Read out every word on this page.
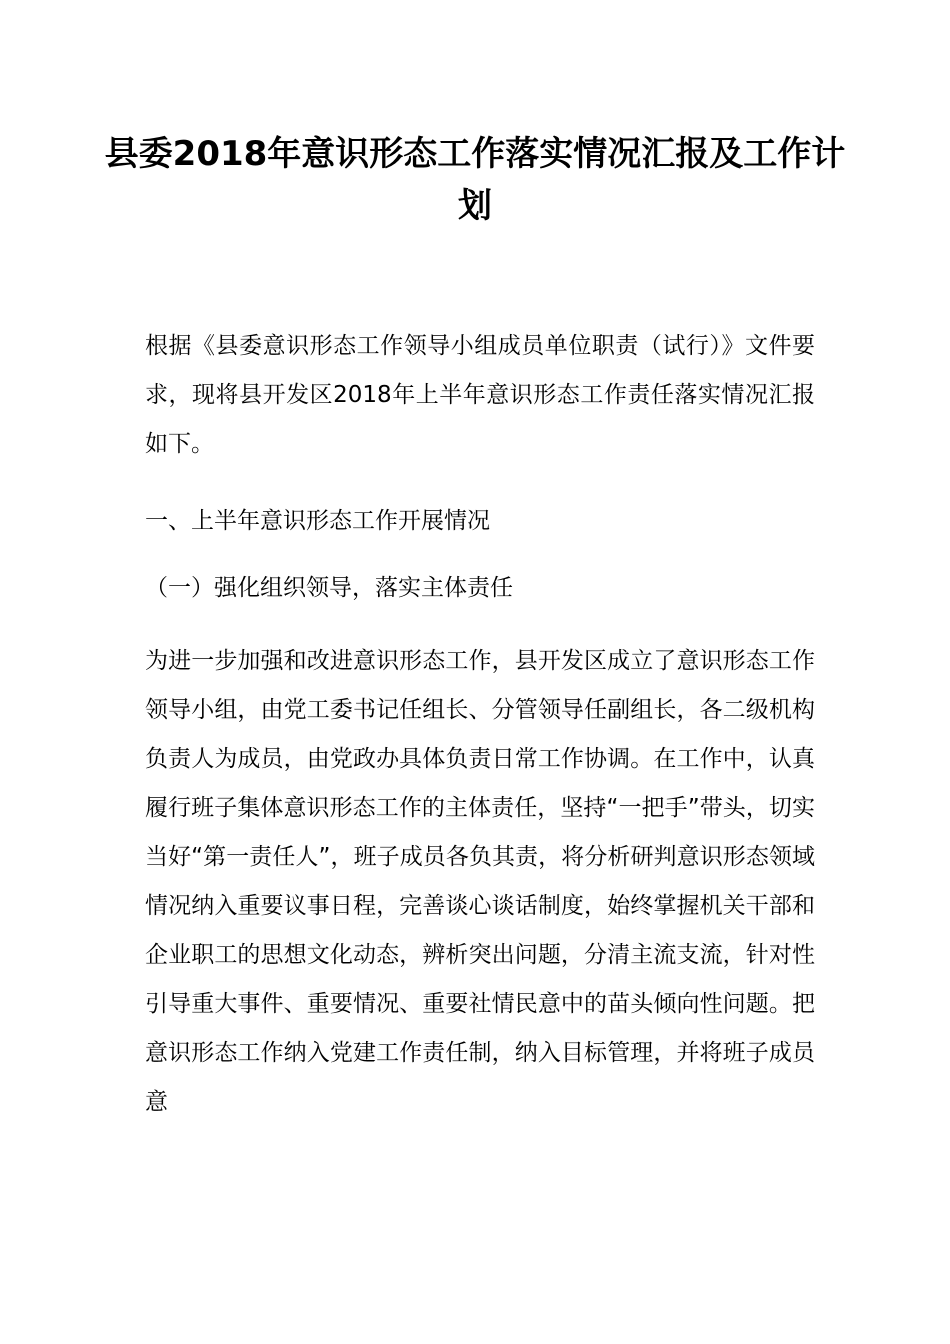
县委2018年意识形态工作落实情况汇报及工作计划

根据《县委意识形态工作领导小组成员单位职责（试行）》文件要求，现将县开发区2018年上半年意识形态工作责任落实情况汇报如下。

一、上半年意识形态工作开展情况

（一）强化组织领导，落实主体责任

为进一步加强和改进意识形态工作，县开发区成立了意识形态工作领导小组，由党工委书记任组长、分管领导任副组长，各二级机构负责人为成员，由党政办具体负责日常工作协调。在工作中，认真履行班子集体意识形态工作的主体责任，坚持“一把手”带头，切实当好“第一责任人”，班子成员各负其责，将分析研判意识形态领域情况纳入重要议事日程，完善谈心谈话制度，始终掌握机关干部和企业职工的思想文化动态，辨析突出问题，分清主流支流，针对性引导重大事件、重要情况、重要社情民意中的苗头倾向性问题。把意识形态工作纳入党建工作责任制，纳入目标管理，并将班子成员意
